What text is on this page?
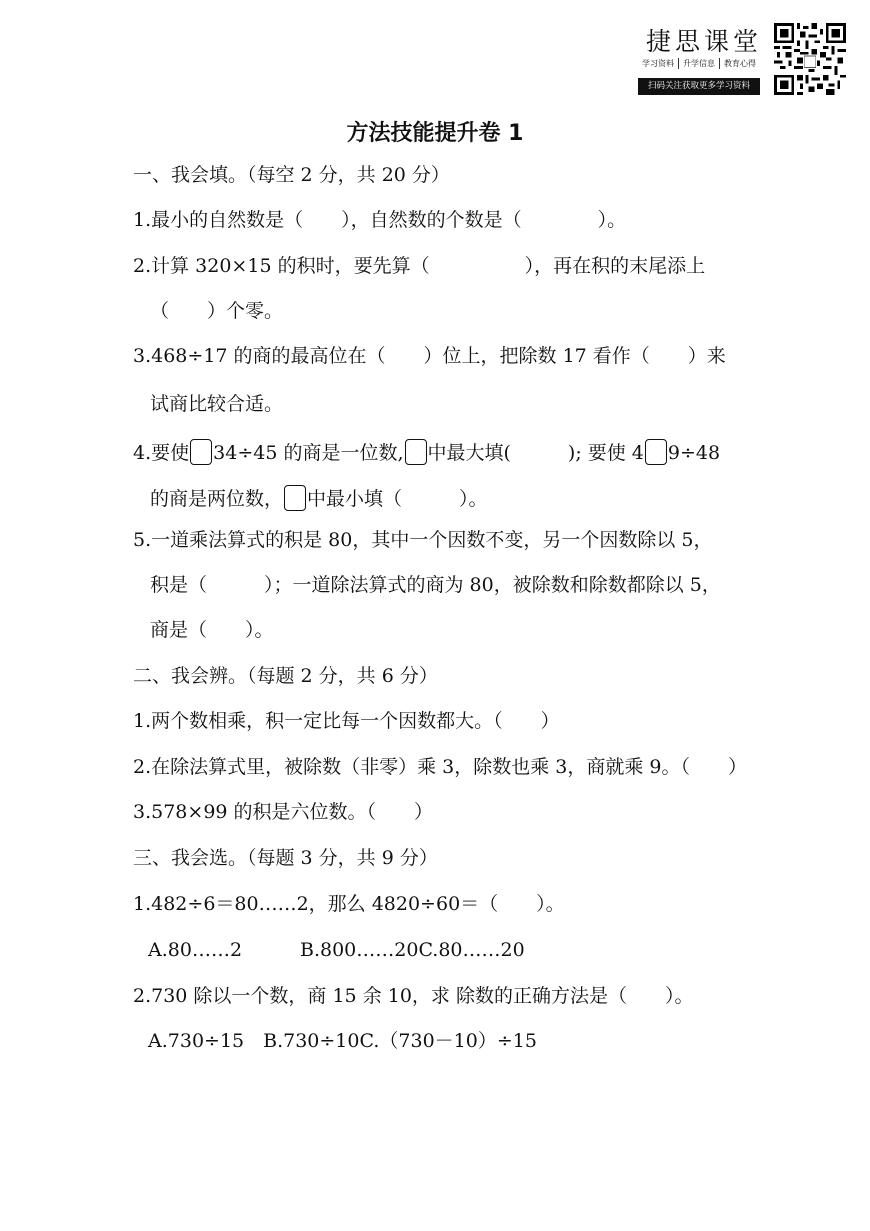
捷思课堂
学习资料	升学信息	教育心得
扫码关注获取更多学习资料
方法技能提升卷 1
一、我会填。（每空 2 分，共 20 分）
1.最小的自然数是（　　），自然数的个数是（　　　　）。
2.计算 320×15 的积时，要先算（　　　　　），再在积的末尾添上
（　　）个零。
3.468÷17 的商的最高位在（　　）位上，把除数 17 看作（　　）来
试商比较合适。
4.要使 34÷45 的商是一位数, 中最大填(　　　); 要使 4 9÷48
的商是两位数， 中最小填（　　　）。
5.一道乘法算式的积是 80，其中一个因数不变，另一个因数除以 5，
积是（　　　）；一道除法算式的商为 80，被除数和除数都除以 5，
商是（　　）。
二、我会辨。（每题 2 分，共 6 分）
1.两个数相乘，积一定比每一个因数都大。（　　）
2.在除法算式里，被除数（非零）乘 3，除数也乘 3，商就乘 9。（　　）
3.578×99 的积是六位数。（　　）
三、我会选。（每题 3 分，共 9 分）
1.482÷6＝80……2，那么 4820÷60＝（　　）。
A.80……2	B.800……20C.80……20
2.730 除以一个数，商 15 余 10，求 除数的正确方法是（　　）。
A.730÷15　B.730÷10C.（730－10）÷15
